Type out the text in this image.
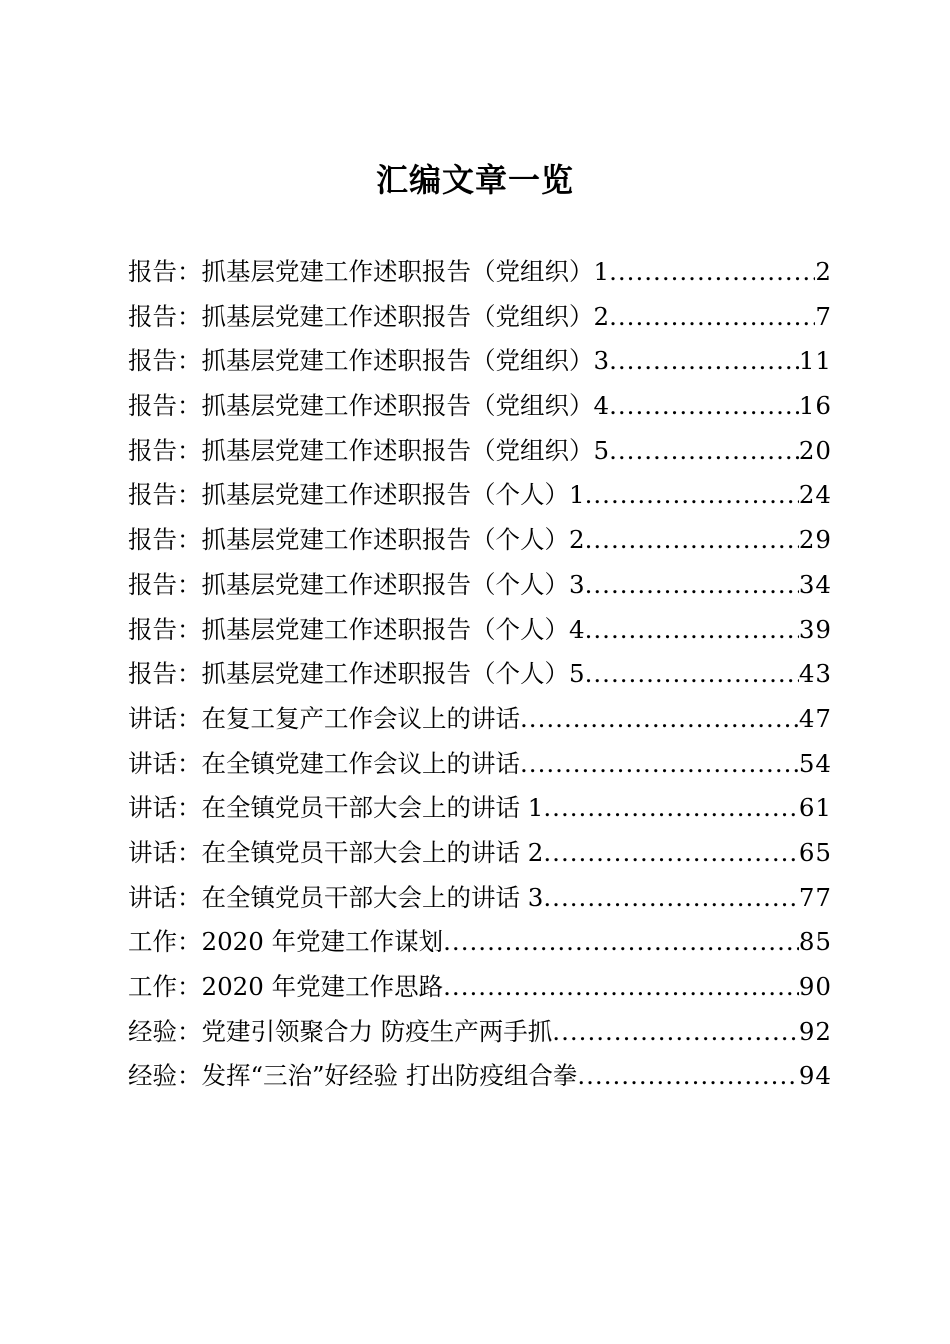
汇编文章一览
报告 ： 抓基层党建工作述职报告（党组织）1 .....	2
报告 ： 抓基层党建工作述职报告（党组织）2 .....	7
报告 ： 抓基层党建工作述职报告（党组织）3 .....	11
报告 ： 抓基层党建工作述职报告（党组织）4 .....	16
报告 ： 抓基层党建工作述职报告（党组织）5 .....	20
报告 ： 抓基层党建工作述职报告（个人）1 .....	24
报告 ： 抓基层党建工作述职报告（个人）2 .....	29
报告 ： 抓基层党建工作述职报告（个人）3 .....	34
报告 ： 抓基层党建工作述职报告（个人）4 .....	39
报告 ： 抓基层党建工作述职报告（个人）5 .....	43
讲话 ： 在复工复产工作会议上的讲话 .....	47
讲话 ： 在全镇党建工作会议上的讲话 .....	54
讲话 ： 在全镇党员干部大会上的讲话 1 .....	61
讲话 ： 在全镇党员干部大会上的讲话 2 .....	65
讲话 ： 在全镇党员干部大会上的讲话 3 .....	77
工作 ： 2020 年党建工作谋划 .....	85
工作 ： 2020 年党建工作思路 .....	90
经验 ： 党建引领聚合力 防疫生产两手抓 .....	92
经验 ： 发挥“三治”好经验 打出防疫组合拳 .....	94
